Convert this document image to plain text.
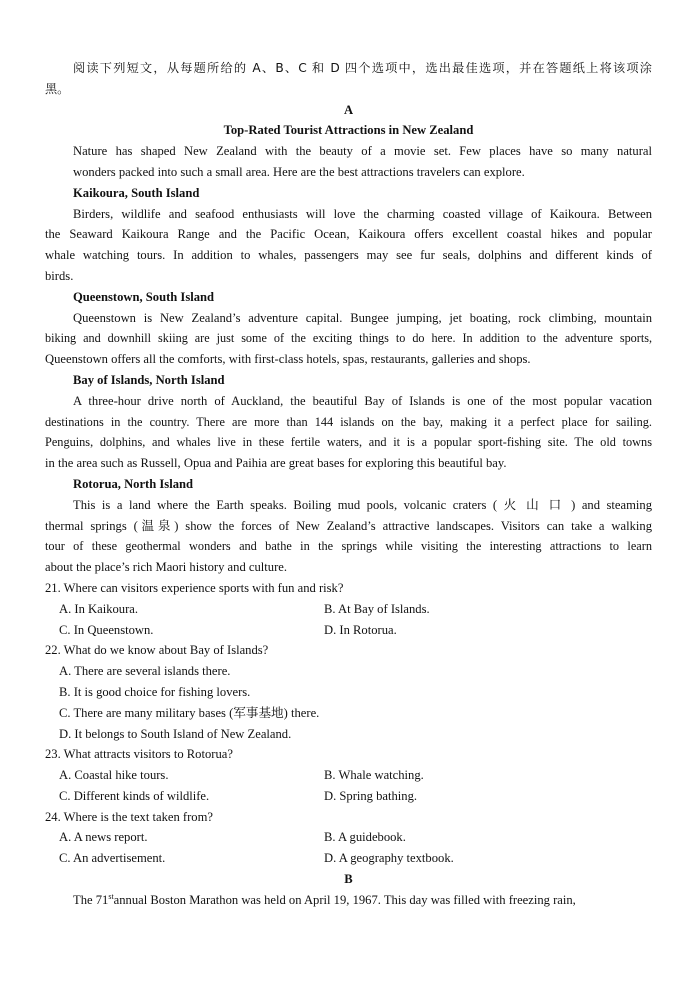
阅读下列短文，从每题所给的 A、B、C 和 D 四个选项中，选出最佳选项，并在答题纸上将该项涂
黑。
A
Top-Rated Tourist Attractions in New Zealand
Nature has shaped New Zealand with the beauty of a movie set. Few places have so many natural
wonders packed into such a small area. Here are the best attractions travelers can explore.
Kaikoura, South Island
Birders, wildlife and seafood enthusiasts will love the charming coasted village of Kaikoura. Between
the Seaward Kaikoura Range and the Pacific Ocean, Kaikoura offers excellent coastal hikes and popular
whale watching tours. In addition to whales, passengers may see fur seals, dolphins and different kinds of
birds.
Queenstown, South Island
Queenstown is New Zealand’s adventure capital. Bungee jumping, jet boating, rock climbing, mountain
biking and downhill skiing are just some of the exciting things to do here. In addition to the adventure sports,
Queenstown offers all the comforts, with first-class hotels, spas, restaurants, galleries and shops.
Bay of Islands, North Island
A three-hour drive north of Auckland, the beautiful Bay of Islands is one of the most popular vacation
destinations in the country. There are more than 144 islands on the bay, making it a perfect place for sailing.
Penguins, dolphins, and whales live in these fertile waters, and it is a popular sport-fishing site. The old towns
in the area such as Russell, Opua and Paihia are great bases for exploring this beautiful bay.
Rotorua, North Island
This is a land where the Earth speaks. Boiling mud pools, volcanic craters ( 火 山 口 ) and steaming
thermal springs (温泉) show the forces of New Zealand’s attractive landscapes. Visitors can take a walking
tour of these geothermal wonders and bathe in the springs while visiting the interesting attractions to learn
about the place’s rich Maori history and culture.
21. Where can visitors experience sports with fun and risk?
A. In Kaikoura.	B. At Bay of Islands.
C. In Queenstown.	D. In Rotorua.
22. What do we know about Bay of Islands?
A. There are several islands there.
B. It is good choice for fishing lovers.
C. There are many military bases (军事基地) there.
D. It belongs to South Island of New Zealand.
23. What attracts visitors to Rotorua?
A. Coastal hike tours.	B. Whale watching.
C. Different kinds of wildlife.	D. Spring bathing.
24. Where is the text taken from?
A. A news report.	B. A guidebook.
C. An advertisement.	D. A geography textbook.
B
The 71stannual Boston Marathon was held on April 19, 1967. This day was filled with freezing rain,
